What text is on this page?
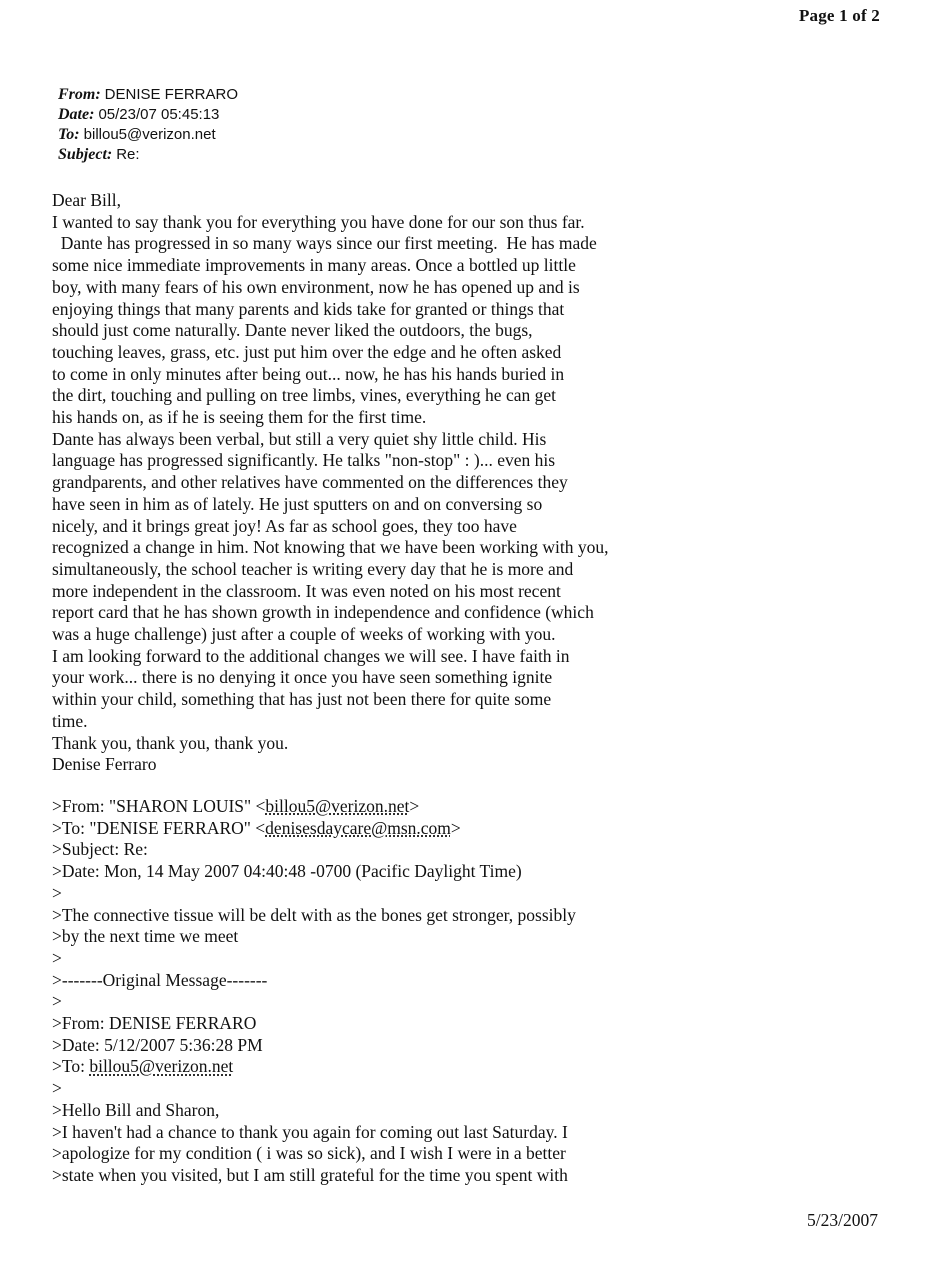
Page 1 of 2
From: DENISE FERRARO
Date: 05/23/07 05:45:13
To: billou5@verizon.net
Subject: Re:
Dear Bill,
I wanted to say thank you for everything you have done for our son thus far.
Dante has progressed in so many ways since our first meeting.  He has made
some nice immediate improvements in many areas. Once a bottled up little
boy, with many fears of his own environment, now he has opened up and is
enjoying things that many parents and kids take for granted or things that
should just come naturally. Dante never liked the outdoors, the bugs,
touching leaves, grass, etc. just put him over the edge and he often asked
to come in only minutes after being out... now, he has his hands buried in
the dirt, touching and pulling on tree limbs, vines, everything he can get
his hands on, as if he is seeing them for the first time.
Dante has always been verbal, but still a very quiet shy little child. His
language has progressed significantly. He talks "non-stop" : )... even his
grandparents, and other relatives have commented on the differences they
have seen in him as of lately. He just sputters on and on conversing so
nicely, and it brings great joy! As far as school goes, they too have
recognized a change in him. Not knowing that we have been working with you,
simultaneously, the school teacher is writing every day that he is more and
more independent in the classroom. It was even noted on his most recent
report card that he has shown growth in independence and confidence (which
was a huge challenge) just after a couple of weeks of working with you.
I am looking forward to the additional changes we will see. I have faith in
your work... there is no denying it once you have seen something ignite
within your child, something that has just not been there for quite some
time.
Thank you, thank you, thank you.
Denise Ferraro
>From: "SHARON LOUIS" <billou5@verizon.net>
>To: "DENISE FERRARO" <denisesdaycare@msn.com>
>Subject: Re:
>Date: Mon, 14 May 2007 04:40:48 -0700 (Pacific Daylight Time)
>
>The connective tissue will be delt with as the bones get stronger, possibly
>by the next time we meet
>
>-------Original Message-------
>
>From: DENISE FERRARO
>Date: 5/12/2007 5:36:28 PM
>To: billou5@verizon.net
>
>Hello Bill and Sharon,
>I haven't had a chance to thank you again for coming out last Saturday. I
>apologize for my condition ( i was so sick), and I wish I were in a better
>state when you visited, but I am still grateful for the time you spent with
5/23/2007
